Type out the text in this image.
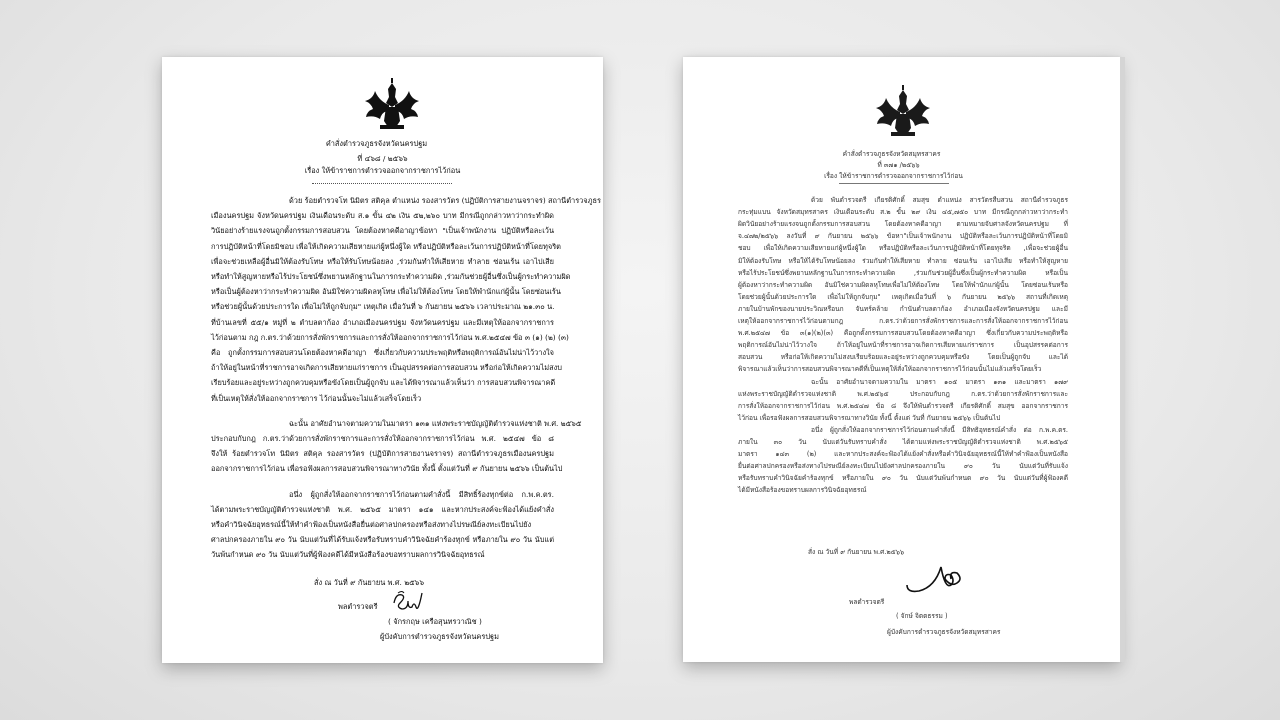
คำสั่งตำรวจภูธรจังหวัดนครปฐม
ที่ ๔๖๘ / ๒๕๖๖
เรื่อง ให้ข้าราชการตำรวจออกจากราชการไว้ก่อน
ด้วย ร้อยตำรวจโท นิมิตร สติคุล ตำแหน่ง รองสารวัตร (ปฏิบัติการสายงานจราจร) สถานีตำรวจภูธร
เมืองนครปฐม จังหวัดนครปฐม เงินเดือนระดับ ส.๑ ขั้น ๔๒ เงิน ๕๒,๒๖๐ บาท มีกรณีถูกกล่าวหาว่ากระทำผิด
วินัยอย่างร้ายแรงจนถูกตั้งกรรมการสอบสวน โดยต้องหาคดีอาญาข้อหา "เป็นเจ้าพนักงาน ปฏิบัติหรือละเว้น
การปฏิบัติหน้าที่โดยมิชอบ เพื่อให้เกิดความเสียหายแก่ผู้หนึ่งผู้ใด หรือปฏิบัติหรือละเว้นการปฏิบัติหน้าที่โดยทุจริต
เพื่อจะช่วยเหลือผู้อื่นมิให้ต้องรับโทษ หรือให้รับโทษน้อยลง ,ร่วมกันทำให้เสียหาย ทำลาย ซ่อนเร้น เอาไปเสีย
หรือทำให้สูญหายหรือไร้ประโยชน์ซึ่งพยานหลักฐานในการกระทำความผิด ,ร่วมกันช่วยผู้อื่นซึ่งเป็นผู้กระทำความผิด
หรือเป็นผู้ต้องหาว่ากระทำความผิด อันมิใช่ความผิดลหุโทษ เพื่อไม่ให้ต้องโทษ โดยให้พำนักแก่ผู้นั้น โดยซ่อนเร้น
หรือช่วยผู้นั้นด้วยประการใด เพื่อไม่ให้ถูกจับกุม" เหตุเกิด เมื่อวันที่ ๖ กันยายน ๒๕๖๖ เวลาประมาณ ๒๑.๓๐ น.
ที่บ้านเลขที่ ๕๕/๑ หมู่ที่ ๒ ตำบลตาก้อง อำเภอเมืองนครปฐม จังหวัดนครปฐม และมีเหตุให้ออกจากราชการ
ไว้ก่อนตาม กฎ ก.ตร.ว่าด้วยการสั่งพักราชการและการสั่งให้ออกจากราชการไว้ก่อน พ.ศ.๒๕๔๗ ข้อ ๓ (๑) (๒) (๓)
คือ ถูกตั้งกรรมการสอบสวนโดยต้องหาคดีอาญา ซึ่งเกี่ยวกับความประพฤติหรือพฤติการณ์อันไม่น่าไว้วางใจ
ถ้าให้อยู่ในหน้าที่ราชการอาจเกิดการเสียหายแก่ราชการ เป็นอุปสรรคต่อการสอบสวน หรือก่อให้เกิดความไม่สงบ
เรียบร้อยและอยู่ระหว่างถูกควบคุมหรือขังโดยเป็นผู้ถูกจับ และได้พิจารณาแล้วเห็นว่า การสอบสวนพิจารณาคดี
ที่เป็นเหตุให้สั่งให้ออกจากราชการ ไว้ก่อนนั้นจะไม่แล้วเสร็จโดยเร็ว
ฉะนั้น อาศัยอำนาจตามความในมาตรา ๑๓๑ แห่งพระราชบัญญัติตำรวจแห่งชาติ พ.ศ. ๒๕๖๕
ประกอบกับกฎ ก.ตร.ว่าด้วยการสั่งพักราชการและการสั่งให้ออกจากราชการไว้ก่อน พ.ศ. ๒๕๔๗ ข้อ ๘
จึงให้ ร้อยตำรวจโท นิมิตร สติคุล รองสารวัตร (ปฏิบัติการสายงานจราจร) สถานีตำรวจภูธรเมืองนครปฐม
ออกจากราชการไว้ก่อน เพื่อรอฟังผลการสอบสวนพิจารณาทางวินัย ทั้งนี้ ตั้งแต่วันที่ ๙ กันยายน ๒๕๖๖ เป็นต้นไป
อนึ่ง ผู้ถูกสั่งให้ออกจากราชการไว้ก่อนตามคำสั่งนี้ มีสิทธิ์ร้องทุกข์ต่อ ก.พ.ค.ตร.
ได้ตามพระราชบัญญัติตำรวจแห่งชาติ พ.ศ. ๒๕๖๕ มาตรา ๑๔๑ และหากประสงค์จะฟ้องได้แย้งคำสั่ง
หรือคำวินิจฉัยอุทธรณ์นี้ให้ทำคำฟ้องเป็นหนังสือยื่นต่อศาลปกครองหรือส่งทางไปรษณีย์ลงทะเบียนไปยัง
ศาลปกครองภายใน ๙๐ วัน นับแต่วันที่ได้รับแจ้งหรือรับทราบคำวินิจฉัยคำร้องทุกข์ หรือภายใน ๙๐ วัน นับแต่
วันพ้นกำหนด ๙๐ วัน นับแต่วันที่ผู้ฟ้องคดีได้มีหนังสือร้องขอทราบผลการวินิจฉัยอุทธรณ์
สั่ง ณ วันที่ ๙ กันยายน พ.ศ. ๒๕๖๖
พลตำรวจตรี
( จักรกฤษ เครือสุนทรวาณิช )
ผู้บังคับการตำรวจภูธรจังหวัดนครปฐม
คำสั่งตำรวจภูธรจังหวัดสมุทรสาคร
ที่ ๓๗๑ /๒๕๖๖
เรื่อง ให้ข้าราชการตำรวจออกจากราชการไว้ก่อน
ด้วย พันตำรวจตรี เกียรติศักดิ์ สมสุข ตำแหน่ง สารวัตรสืบสวน สถานีตำรวจภูธร
กระทุ่มแบน จังหวัดสมุทรสาคร เงินเดือนระดับ ส.๒ ขั้น ๒๙ เงิน ๔๕,๗๕๐ บาท มีกรณีถูกกล่าวหาว่ากระทำ
ผิดวินัยอย่างร้ายแรงจนถูกตั้งกรรมการสอบสวน โดยต้องหาคดีอาญา ตามหมายจับศาลจังหวัดนครปฐม ที่
จ.๔๗๒/๒๕๖๖ ลงวันที่ ๙ กันยายน ๒๕๖๖ ข้อหา"เป็นเจ้าพนักงาน ปฏิบัติหรือละเว้นการปฏิบัติหน้าที่โดยมิ
ชอบ เพื่อให้เกิดความเสียหายแก่ผู้หนึ่งผู้ใด หรือปฏิบัติหรือละเว้นการปฏิบัติหน้าที่โดยทุจริต ,เพื่อจะช่วยผู้อื่น
มิให้ต้องรับโทษ หรือให้ได้รับโทษน้อยลง ร่วมกันทำให้เสียหาย ทำลาย ซ่อนเร้น เอาไปเสีย หรือทำให้สูญหาย
หรือไร้ประโยชน์ซึ่งพยานหลักฐานในการกระทำความผิด ,ร่วมกันช่วยผู้อื่นซึ่งเป็นผู้กระทำความผิด หรือเป็น
ผู้ต้องหาว่ากระทำความผิด อันมิใช่ความผิดลหุโทษเพื่อไม่ให้ต้องโทษ โดยให้พำนักแก่ผู้นั้น โดยซ่อนเร้นหรือ
โดยช่วยผู้นั้นด้วยประการใด เพื่อไม่ให้ถูกจับกุม" เหตุเกิดเมื่อวันที่ ๖ กันยายน ๒๕๖๖ สถานที่เกิดเหตุ
ภายในบ้านพักของนายประวิณหรือนก จันทร์คล้าย กำนันตำบลตาก้อง อำเภอเมืองจังหวัดนครปฐม และมี
เหตุให้ออกจากราชการไว้ก่อนตามกฎ ก.ตร.ว่าด้วยการสั่งพักราชการและการสั่งให้ออกจากราชการไว้ก่อน
พ.ศ.๒๕๔๗ ข้อ ๓(๑)(๒)(๓) คือถูกตั้งกรรมการสอบสวนโดยต้องหาคดีอาญา ซึ่งเกี่ยวกับความประพฤติหรือ
พฤติการณ์อันไม่น่าไว้วางใจ ถ้าให้อยู่ในหน้าที่ราชการอาจเกิดการเสียหายแก่ราชการ เป็นอุปสรรคต่อการ
สอบสวน หรือก่อให้เกิดความไม่สงบเรียบร้อยและอยู่ระหว่างถูกควบคุมหรือขัง โดยเป็นผู้ถูกจับ และได้
พิจารณาแล้วเห็นว่าการสอบสวนพิจารณาคดีที่เป็นเหตุให้สั่งให้ออกจากราชการไว้ก่อนนั้นไม่แล้วเสร็จโดยเร็ว
ฉะนั้น อาศัยอำนาจตามความใน มาตรา ๑๐๕ มาตรา ๑๓๑ และมาตรา ๑๗๙
แห่งพระราชบัญญัติตำรวจแห่งชาติ พ.ศ.๒๕๖๕ ประกอบกับกฎ ก.ตร.ว่าด้วยการสั่งพักราชการและ
การสั่งให้ออกจากราชการไว้ก่อน พ.ศ.๒๕๔๗ ข้อ ๘ จึงให้พันตำรวจตรี เกียรติศักดิ์ สมสุข ออกจากราชการ
ไว้ก่อน เพื่อรอฟังผลการสอบสวนพิจารณาทางวินัย ทั้งนี้ ตั้งแต่ วันที่ กันยายน ๒๕๖๖ เป็นต้นไป
อนึ่ง ผู้ถูกสั่งให้ออกจากราชการไว้ก่อนตามคำสั่งนี้ มีสิทธิอุทธรณ์คำสั่ง ต่อ ก.พ.ค.ตร.
ภายใน ๓๐ วัน นับแต่วันรับทราบคำสั่ง ได้ตามแห่งพระราชบัญญัติตำรวจแห่งชาติ พ.ศ.๒๕๖๕
มาตรา ๑๔๓ (๒) และหากประสงค์จะฟ้องได้แย้งคำสั่งหรือคำวินิจฉัยอุทธรณ์นี้ให้ทำคำฟ้องเป็นหนังสือ
ยื่นต่อศาลปกครองหรือส่งทางไปรษณีย์ลงทะเบียนไปยังศาลปกครองภายใน ๙๐ วัน นับแต่วันที่รับแจ้ง
หรือรับทราบคำวินิจฉัยคำร้องทุกข์ หรือภายใน ๙๐ วัน นับแต่วันพ้นกำหนด ๙๐ วัน นับแต่วันที่ผู้ฟ้องคดี
ได้มีหนังสือร้องขอทราบผลการวินิจฉัยอุทธรณ์
สั่ง ณ วันที่ ๙ กันยายน พ.ศ.๒๕๖๖
พลตำรวจตรี
( จักษ์ จิตตธรรม )
ผู้บังคับการตำรวจภูธรจังหวัดสมุทรสาคร
